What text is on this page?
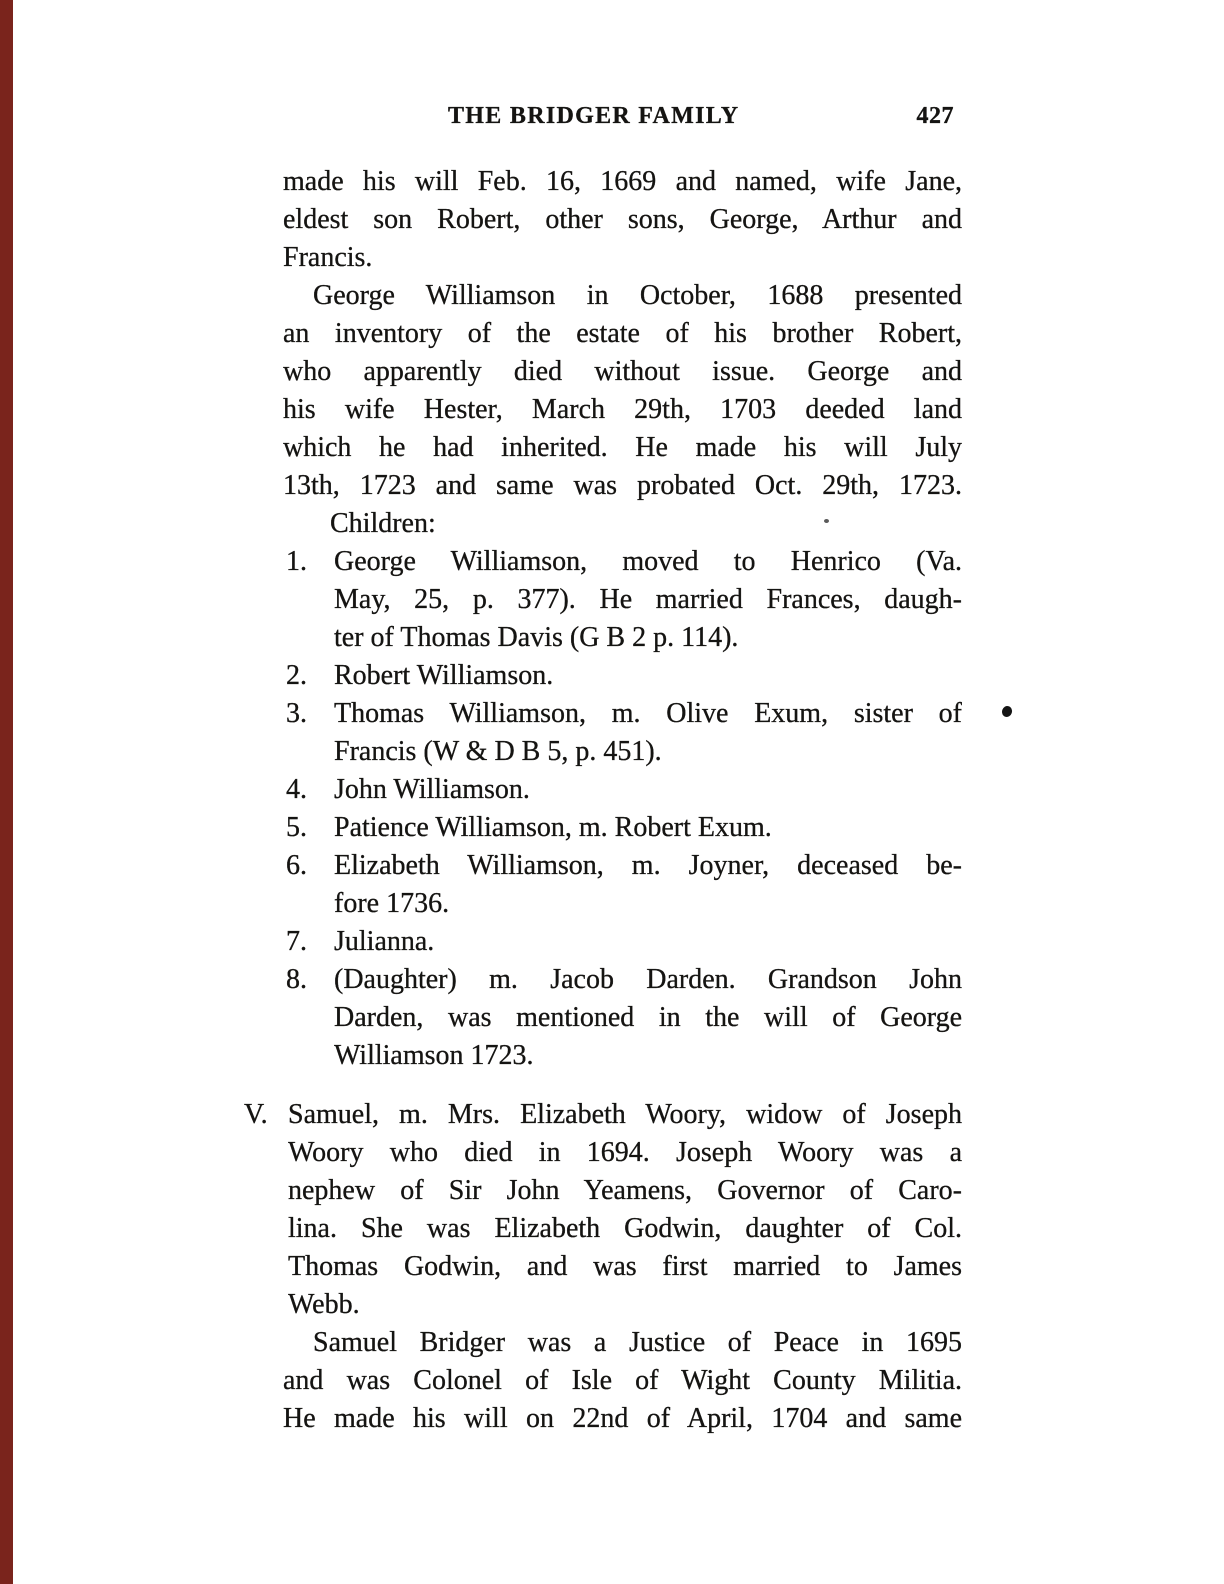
THE BRIDGER FAMILY	427
made his will Feb. 16, 1669 and named, wife Jane,
eldest son Robert, other sons, George, Arthur and
Francis.
George Williamson in October, 1688 presented
an inventory of the estate of his brother Robert,
who apparently died without issue. George and
his wife Hester, March 29th, 1703 deeded land
which he had inherited. He made his will July
13th, 1723 and same was probated Oct. 29th, 1723.
Children:
1. George Williamson, moved to Henrico (Va.
May, 25, p. 377). He married Frances, daugh-
ter of Thomas Davis (G B 2 p. 114).
2. Robert Williamson.
3. Thomas Williamson, m. Olive Exum, sister of
Francis (W & D B 5, p. 451).
4. John Williamson.
5. Patience Williamson, m. Robert Exum.
6. Elizabeth Williamson, m. Joyner, deceased be-
fore 1736.
7. Julianna.
8. (Daughter) m. Jacob Darden. Grandson John
Darden, was mentioned in the will of George
Williamson 1723.
V. Samuel, m. Mrs. Elizabeth Woory, widow of Joseph
Woory who died in 1694. Joseph Woory was a
nephew of Sir John Yeamens, Governor of Caro-
lina. She was Elizabeth Godwin, daughter of Col.
Thomas Godwin, and was first married to James
Webb.
Samuel Bridger was a Justice of Peace in 1695
and was Colonel of Isle of Wight County Militia.
He made his will on 22nd of April, 1704 and same
